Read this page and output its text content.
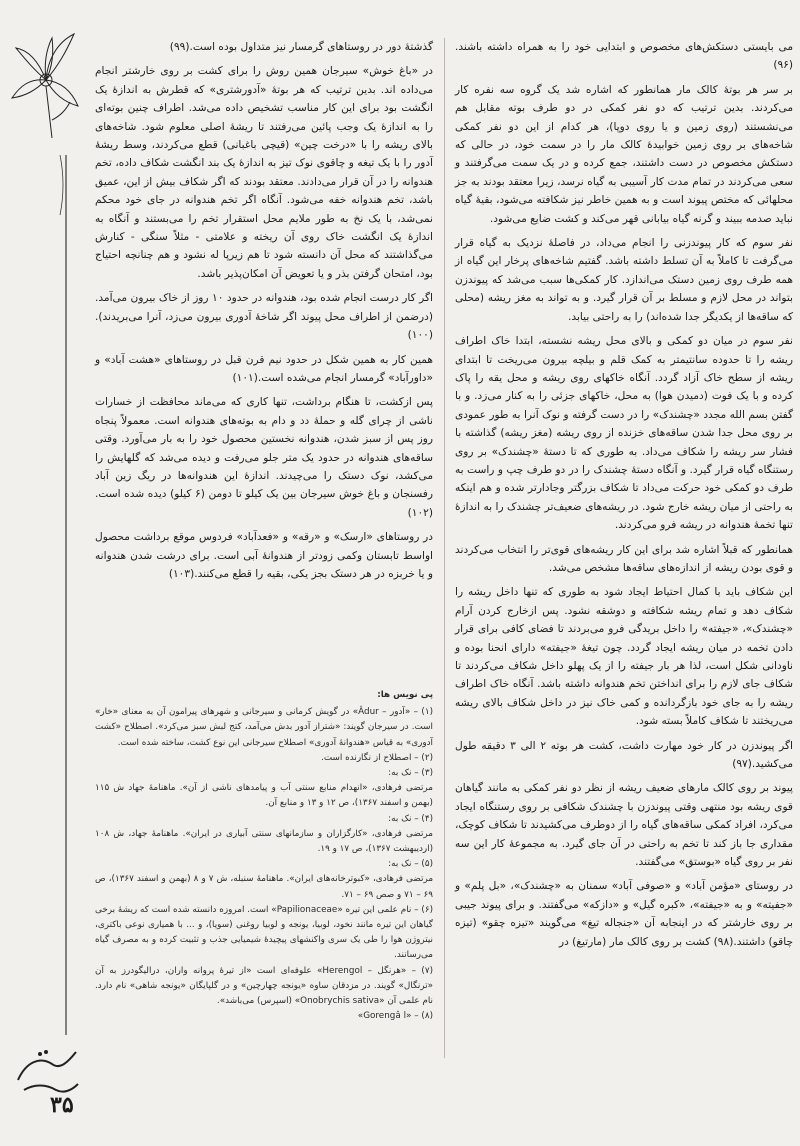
می بایستی دستکش‌های مخصوص و ابتدایی خود را به همراه داشته باشند.(۹۶)

بر سر هر بوتهٔ کالک مار همانطور که اشاره شد یک گروه سه نفره کار می‌کردند. بدین ترتیب که دو نفر کمکی در دو طرف بوته مقابل هم می‌نشستند (روی زمین و یا روی دوپا)، هر کدام از این دو نفر کمکی شاخه‌های بر روی زمین خوابیدهٔ کالک مار را در سمت خود، در حالی که دستکش مخصوص در دست داشتند، جمع کرده و در یک سمت می‌گرفتند و سعی می‌کردند در تمام مدت کار آسیبی به گیاه نرسد، زیرا معتقد بودند به جز محلهائی که مختص پیوند است و به همین خاطر نیز شکافته می‌شود، بقیهٔ گیاه نباید صدمه ببیند و گرنه گیاه بیابانی قهر می‌کند و کشت ضایع می‌شود.

نفر سوم که کار پیوندزنی را انجام می‌داد، در فاصلهٔ نزدیک به گیاه قرار می‌گرفت تا کاملاً به آن تسلط داشته باشد. گفتیم شاخه‌های پرخار این گیاه از همه طرف روی زمین دستک می‌اندازد. کار کمکی‌ها سبب می‌شد که پیوندزن بتواند در محل لازم و مسلط بر آن قرار گیرد. و به تواند به مغز ریشه (محلی که ساقه‌ها از یکدیگر جدا شده‌اند) را به راحتی بیابد.

نفر سوم در میان دو کمکی و بالای محل ریشه نشسته، ابتدا خاک اطراف ریشه را تا حدوده سانتیمتر به کمک قلم و بیلچه بیرون می‌ریخت تا ابتدای ریشه از سطح خاک آزاد گردد. آنگاه خاکهای روی ریشه و محل یقه را پاک کرده و با یک فوت (دمیدن هوا) به محل، خاکهای جزئی را به کنار می‌زد. و با گفتن بسم الله مجدد «چشندک» را در دست گرفته و نوک آنرا به طور عمودی بر روی محل جدا شدن ساقه‌های خزنده از روی ریشه (مغز ریشه) گذاشته با فشار سر ریشه را شکاف می‌داد. به طوری که تا دستهٔ «چشندک» بر روی رستنگاه گیاه قرار گیرد. و آنگاه دستهٔ چشندک را در دو طرف چپ و راست به طرف دو کمکی خود حرکت می‌داد تا شکاف بزرگتر وجادارتر شده و هم اینکه به راحتی از میان ریشه خارج شود. در ریشه‌های ضعیف‌تر چشندک را به اندازهٔ تنها تخمهٔ هندوانه در ریشه فرو می‌کردند.

همانطور که قبلاً اشاره شد برای این کار ریشه‌های قوی‌تر را انتخاب می‌کردند و قوی بودن ریشه از اندازه‌های ساقه‌ها مشخص می‌شد.

این شکاف باید با کمال احتیاط ایجاد شود به طوری که تنها داخل ریشه را شکاف دهد و تمام ریشه شکافته و دوشقه نشود. پس ازخارج کردن آرام «چشندک»، «جیفته» را داخل بریدگی فرو می‌بردند تا فضای کافی برای قرار دادن تخمه در میان ریشه ایجاد گردد. چون تیغهٔ «جیفته» دارای انحنا بوده و ناودانی شکل است، لذا هر بار جیفته را از یک پهلو داخل شکاف می‌کردند تا شکاف جای لازم را برای انداختن تخم هندوانه داشته باشد. آنگاه خاک اطراف ریشه را به جای خود بازگردانده و کمی خاک نیز در داخل شکاف بالای ریشه می‌ریختند تا شکاف کاملاً بسته شود.

اگر پیوندزن در کار خود مهارت داشت، کشت هر بوته ۲ الی ۳ دقیقه طول می‌کشید.(۹۷)

پیوند بر روی کالک مارهای ضعیف ریشه از نظر دو نفر کمکی به مانند گیاهان قوی ریشه بود منتهی وقتی پیوندزن با چشندک شکافی بر روی رستنگاه ایجاد می‌کرد، افراد کمکی ساقه‌های گیاه را از دوطرف می‌کشیدند تا شکاف کوچک، مقداری جا باز کند تا تخم به راحتی در آن جای گیرد. به مجموعهٔ کار این سه نفر بر روی گیاه «بوستق» می‌گفتند.

در روستای «مؤمن آباد» و «صوفی آباد» سمنان به «چشندک»، «بل پلم» و «جفیته» و به «جیفته»، «کبره گیل» و «دازکه» می‌گفتند. و برای پیوند جیبی بر روی خارشتر که در اینجابه آن «جنجاله تیغ» می‌گویند «تیزه چقو» (تیزه چاقو) داشتند.(۹۸) کشت بر روی کالک مار (مارتیغ) در

گذشتهٔ دور در روستاهای گرمسار نیز متداول بوده است.(۹۹)

در «باغ خوش» سیرجان همین روش را برای کشت بر روی خارشتر انجام می‌داده اند. بدین ترتیب که هر بوتهٔ «آدورشتری» که قطرش به اندازهٔ یک انگشت بود برای این کار مناسب تشخیص داده می‌شد. اطراف چنین بوته‌ای را به اندازهٔ یک وجب پائین می‌رفتند تا ریشهٔ اصلی معلوم شود. شاخه‌های بالای ریشه را با «درخت چین» (قیچی باغبانی) قطع می‌کردند، وسط ریشهٔ آدور را با یک تیغه و چاقوی نوک تیز به اندازهٔ یک بند انگشت شکاف داده، تخم هندوانه را در آن قرار می‌دادند. معتقد بودند که اگر شکاف بیش از این، عمیق باشد، تخم هندوانه خفه می‌شود. آنگاه اگر تخم هندوانه در جای خود محکم نمی‌شد، با یک نخ به طور ملایم محل استقرار تخم را می‌بستند و آنگاه به اندازهٔ یک انگشت خاک روی آن ریخته و علامتی - مثلاً سنگی - کنارش می‌گذاشتند که محل آن دانسته شود تا هم زیرپا له نشود و هم چنانچه احتیاج بود، امتحان گرفتن بذر و یا تعویض آن امکان‌پذیر باشد.

اگر کار درست انجام شده بود، هندوانه در حدود ۱۰ روز از خاک بیرون می‌آمد. (درضمن از اطراف محل پیوند اگر شاخهٔ آدوری بیرون می‌زد، آنرا می‌بریدند).(۱۰۰)

همین کار به همین شکل در حدود نیم قرن قبل در روستاهای «هشت آباد» و «داورآباد» گرمسار انجام می‌شده است.(۱۰۱)

پس ازکشت، تا هنگام برداشت، تنها کاری که می‌ماند محافظت از خسارات ناشی از چرای گله و حملهٔ دد و دام به بوته‌های هندوانه است. معمولاً پنجاه روز پس از سبز شدن، هندوانه نخستین محصول خود را به بار می‌آورد. وقتی ساقه‌های هندوانه در حدود یک متر جلو می‌رفت و دیده می‌شد که گلهایش را می‌کشد، نوک دستک را می‌چیدند. اندازهٔ این هندوانه‌ها در ریگ زین آباد رفسنجان و باغ خوش سیرجان بین یک کیلو تا دومن (۶ کیلو) دیده شده است.(۱۰۲)

در روستاهای «ارسک» و «رقه» و «فعدآباد» فردوس موقع برداشت محصول اواسط تابستان وکمی زودتر از هندوانهٔ آبی است. برای درشت شدن هندوانه و یا خربزه در هر دستک بجز یکی، بقیه را قطع می‌کنند.(۱۰۳)

پی نویس ها:

(۱) – «آدور – Âdur» در گویش کرمانی و سیرجانی و شهرهای پیرامون آن به معنای «خار» است. در سیرجان گویند: «شتراز آدور بدش می‌آمد، کتج لبش سبز می‌کرد». اصطلاح «کشت آدوری» به قیاس «هندوانهٔ آدوری» اصطلاح سیرجانی این نوع کشت، ساخته شده است.

(۲) – اصطلاح از نگارنده است.

(۳) – نک به:

مرتضی فرهادی، «انهدام منابع سنتی آب و پیامدهای ناشی از آن». ماهنامهٔ جهاد ش ۱۱۵ (بهمن و اسفند ۱۳۶۷)، ص ۱۲ و ۱۳ و منابع آن.

(۴) – نک به:

مرتضی فرهادی، «کارگزاران و سازمانهای سنتی آبیاری در ایران». ماهنامهٔ جهاد، ش ۱۰۸ (اردیبهشت ۱۳۶۷)، ص ۱۷ و ۱۹.

(۵) – نک به:

مرتضی فرهادی، «کبوترخانه‌های ایران». ماهنامهٔ سنبله، ش ۷ و ۸ (بهمن و اسفند ۱۳۶۷)، ص ۶۹ – ۷۱ و صص ۶۹ – ۷۱.

(۶) – نام علمی این تیره «Papilionaceae» است. امروزه دانسته شده است که ریشهٔ برخی گیاهان این تیره مانند نخود، لوبیا، یونجه و لوبیا روغنی (سویا)، و ... با همیاری نوعی باکتری، نیتروژن هوا را طی یک سری واکنشهای پیچیدهٔ شیمیایی جذب و تثبیت کرده و به مصرف گیاه می‌رسانند.

(۷) – «هرنگل – Herengol» علوفه‌ای است «از تیرهٔ پروانه واران، درالیگودرز به آن «ترنگال» گویند. در مزدقان ساوه «یونجه چهارچین» و در گلپایگان «یونجه شاهی» نام دارد. نام علمی آن «Onobrychis sativa» (اسپرس) می‌باشد».

(۸) – «Gorengâ l»

۳۵
